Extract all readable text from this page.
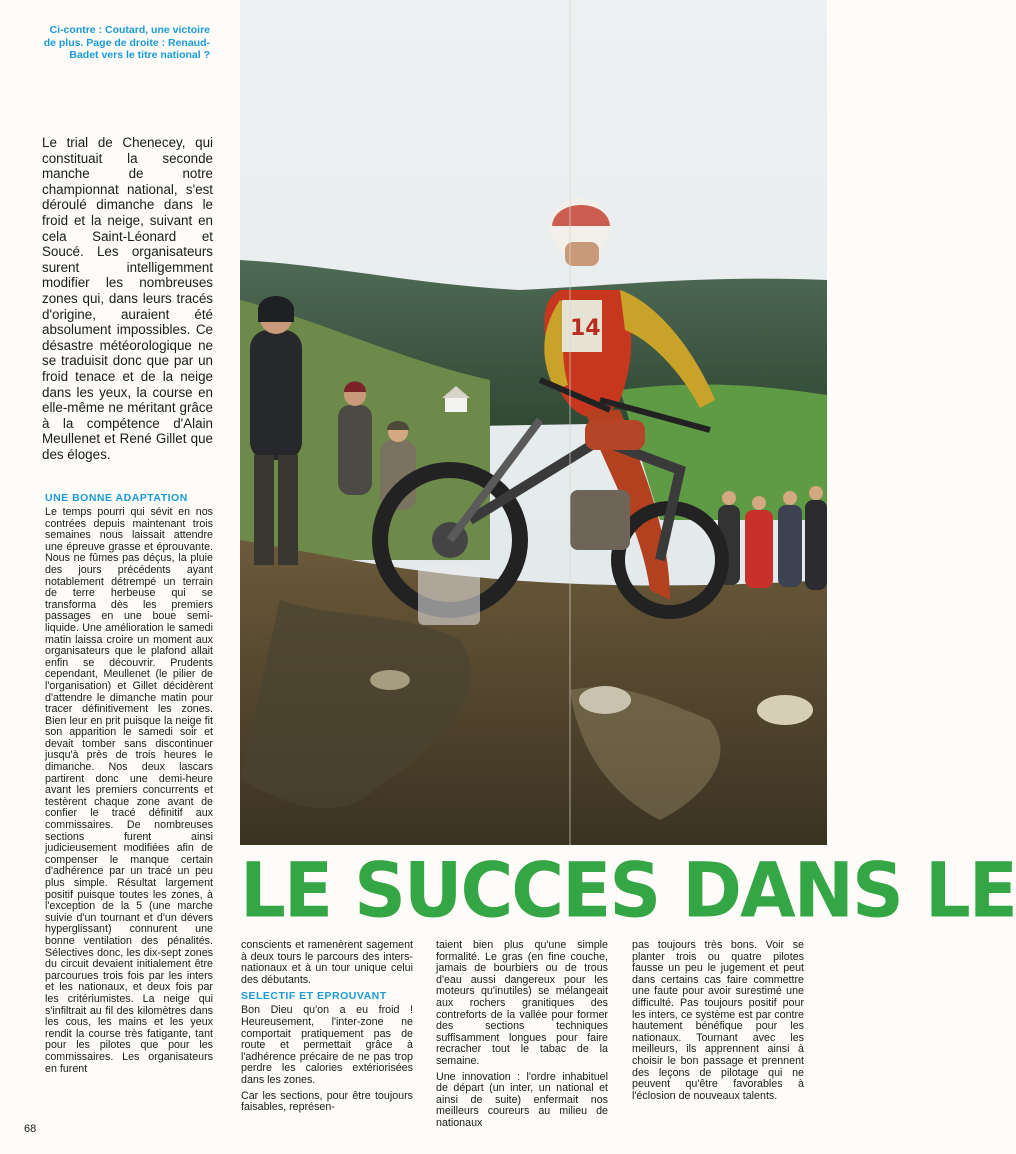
Ci-contre : Coutard, une victoire de plus. Page de droite : Renaud-Badet vers le titre national ?
Le trial de Chenecey, qui constituait la seconde manche de notre championnat national, s'est déroulé dimanche dans le froid et la neige, suivant en cela Saint-Léonard et Soucé. Les organisateurs surent intelligemment modifier les nombreuses zones qui, dans leurs tracés d'origine, auraient été absolument impossibles. Ce désastre météorologique ne se traduisit donc que par un froid tenace et de la neige dans les yeux, la course en elle-même ne méritant grâce à la compétence d'Alain Meullenet et René Gillet que des éloges.
UNE BONNE ADAPTATION

Le temps pourri qui sévit en nos contrées depuis maintenant trois semaines nous laissait attendre une épreuve grasse et éprouvante. Nous ne fûmes pas déçus, la pluie des jours précédents ayant notablement détrempé un terrain de terre herbeuse qui se transforma dès les premiers passages en une boue semi-liquide. Une amélioration le samedi matin laissa croire un moment aux organisateurs que le plafond allait enfin se découvrir. Prudents cependant, Meullenet (le pilier de l'organisation) et Gillet décidèrent d'attendre le dimanche matin pour tracer définitivement les zones. Bien leur en prit puisque la neige fit son apparition le samedi soir et devait tomber sans discontinuer jusqu'à près de trois heures le dimanche. Nos deux lascars partirent donc une demi-heure avant les premiers concurrents et testèrent chaque zone avant de confier le tracé définitif aux commissaires. De nombreuses sections furent ainsi judicieusement modifiées afin de compenser le manque certain d'adhérence par un tracé un peu plus simple. Résultat largement positif puisque toutes les zones, à l'exception de la 5 (une marche suivie d'un tournant et d'un dévers hyperglissant) connurent une bonne ventilation des pénalités. Sélectives donc, les dix-sept zones du circuit devaient initialement être parcourues trois fois par les inters et les nationaux, et deux fois par les critériumistes. La neige qui s'infiltrait au fil des kilomètres dans les cous, les mains et les yeux rendit la course très fatigante, tant pour les pilotes que pour les commissaires. Les organisateurs en furent

68
14
LE SUCCES DANS LE

conscients et ramenèrent sagement à deux tours le parcours des inters-nationaux et à un tour unique celui des débutants.

SELECTIF ET EPROUVANT

Bon Dieu qu'on a eu froid ! Heureusement, l'inter-zone ne comportait pratiquement pas de route et permettait grâce à l'adhérence précaire de ne pas trop perdre les calories extériorisées dans les zones.

Car les sections, pour être toujours faisables, représen-

taient bien plus qu'une simple formalité. Le gras (en fine couche, jamais de bourbiers ou de trous d'eau aussi dangereux pour les moteurs qu'inutiles) se mélangeait aux rochers granitiques des contreforts de la vallée pour former des sections techniques suffisamment longues pour faire recracher tout le tabac de la semaine.

Une innovation : l'ordre inhabituel de départ (un inter, un national et ainsi de suite) enfermait nos meilleurs coureurs au milieu de nationaux

pas toujours très bons. Voir se planter trois ou quatre pilotes fausse un peu le jugement et peut dans certains cas faire commettre une faute pour avoir surestimé une difficulté. Pas toujours positif pour les inters, ce système est par contre hautement bénéfique pour les nationaux. Tournant avec les meilleurs, ils apprennent ainsi à choisir le bon passage et prennent des leçons de pilotage qui ne peuvent qu'être favorables à l'éclosion de nouveaux talents.
